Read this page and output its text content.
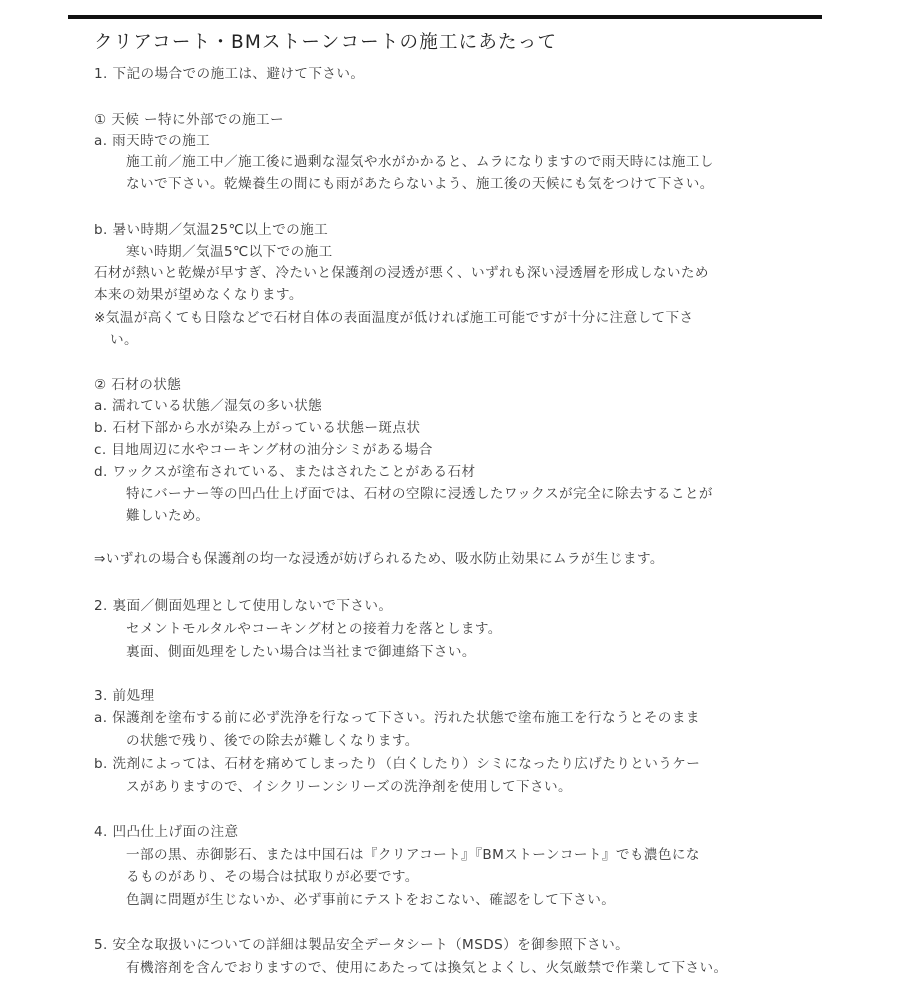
クリアコート・BMストーンコートの施工にあたって
1. 下記の場合での施工は、避けて下さい。
① 天候 ー特に外部での施工ー
a. 雨天時での施工
施工前／施工中／施工後に過剰な湿気や水がかかると、ムラになりますので雨天時には施工し
ないで下さい。乾燥養生の間にも雨があたらないよう、施工後の天候にも気をつけて下さい。
b. 暑い時期／気温25℃以上での施工
寒い時期／気温5℃以下での施工
石材が熱いと乾燥が早すぎ、冷たいと保護剤の浸透が悪く、いずれも深い浸透層を形成しないため
本来の効果が望めなくなります。
※気温が高くても日陰などで石材自体の表面温度が低ければ施工可能ですが十分に注意して下さ
い。
② 石材の状態
a. 濡れている状態／湿気の多い状態
b. 石材下部から水が染み上がっている状態ー斑点状
c. 目地周辺に水やコーキング材の油分シミがある場合
d. ワックスが塗布されている、またはされたことがある石材
特にバーナー等の凹凸仕上げ面では、石材の空隙に浸透したワックスが完全に除去することが
難しいため。
⇒いずれの場合も保護剤の均一な浸透が妨げられるため、吸水防止効果にムラが生じます。
2. 裏面／側面処理として使用しないで下さい。
セメントモルタルやコーキング材との接着力を落とします。
裏面、側面処理をしたい場合は当社まで御連絡下さい。
3. 前処理
a. 保護剤を塗布する前に必ず洗浄を行なって下さい。汚れた状態で塗布施工を行なうとそのまま
の状態で残り、後での除去が難しくなります。
b. 洗剤によっては、石材を痛めてしまったり（白くしたり）シミになったり広げたりというケー
スがありますので、イシクリーンシリーズの洗浄剤を使用して下さい。
4. 凹凸仕上げ面の注意
一部の黒、赤御影石、または中国石は『クリアコート』『BMストーンコート』でも濃色にな
るものがあり、その場合は拭取りが必要です。
色調に問題が生じないか、必ず事前にテストをおこない、確認をして下さい。
5. 安全な取扱いについての詳細は製品安全データシート（MSDS）を御参照下さい。
有機溶剤を含んでおりますので、使用にあたっては換気とよくし、火気厳禁で作業して下さい。
